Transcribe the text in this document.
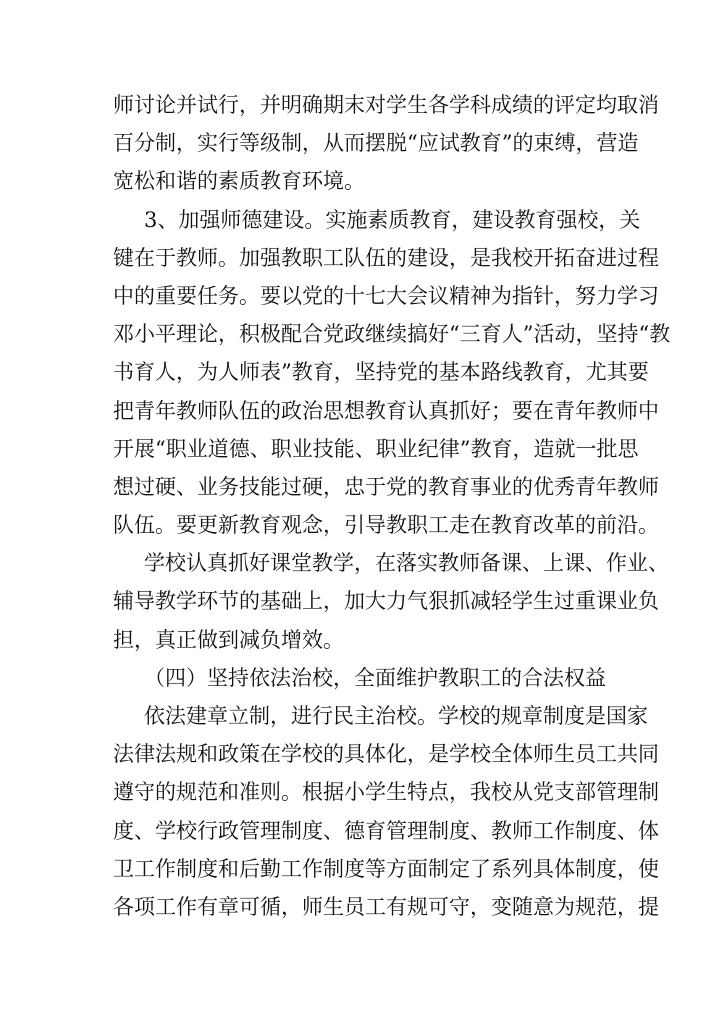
师讨论并试行，并明确期末对学生各学科成绩的评定均取消
百分制，实行等级制，从而摆脱“应试教育”的束缚，营造
宽松和谐的素质教育环境。
3、加强师德建设。实施素质教育，建设教育强校，关
键在于教师。加强教职工队伍的建设，是我校开拓奋进过程
中的重要任务。要以党的十七大会议精神为指针，努力学习
邓小平理论，积极配合党政继续搞好“三育人”活动，坚持“教
书育人，为人师表”教育，坚持党的基本路线教育，尤其要
把青年教师队伍的政治思想教育认真抓好；要在青年教师中
开展“职业道德、职业技能、职业纪律”教育，造就一批思
想过硬、业务技能过硬，忠于党的教育事业的优秀青年教师
队伍。要更新教育观念，引导教职工走在教育改革的前沿。
学校认真抓好课堂教学，在落实教师备课、上课、作业、
辅导教学环节的基础上，加大力气狠抓减轻学生过重课业负
担，真正做到减负增效。
（四）坚持依法治校，全面维护教职工的合法权益
依法建章立制，进行民主治校。学校的规章制度是国家
法律法规和政策在学校的具体化，是学校全体师生员工共同
遵守的规范和准则。根据小学生特点，我校从党支部管理制
度、学校行政管理制度、德育管理制度、教师工作制度、体
卫工作制度和后勤工作制度等方面制定了系列具体制度，使
各项工作有章可循，师生员工有规可守，变随意为规范，提
